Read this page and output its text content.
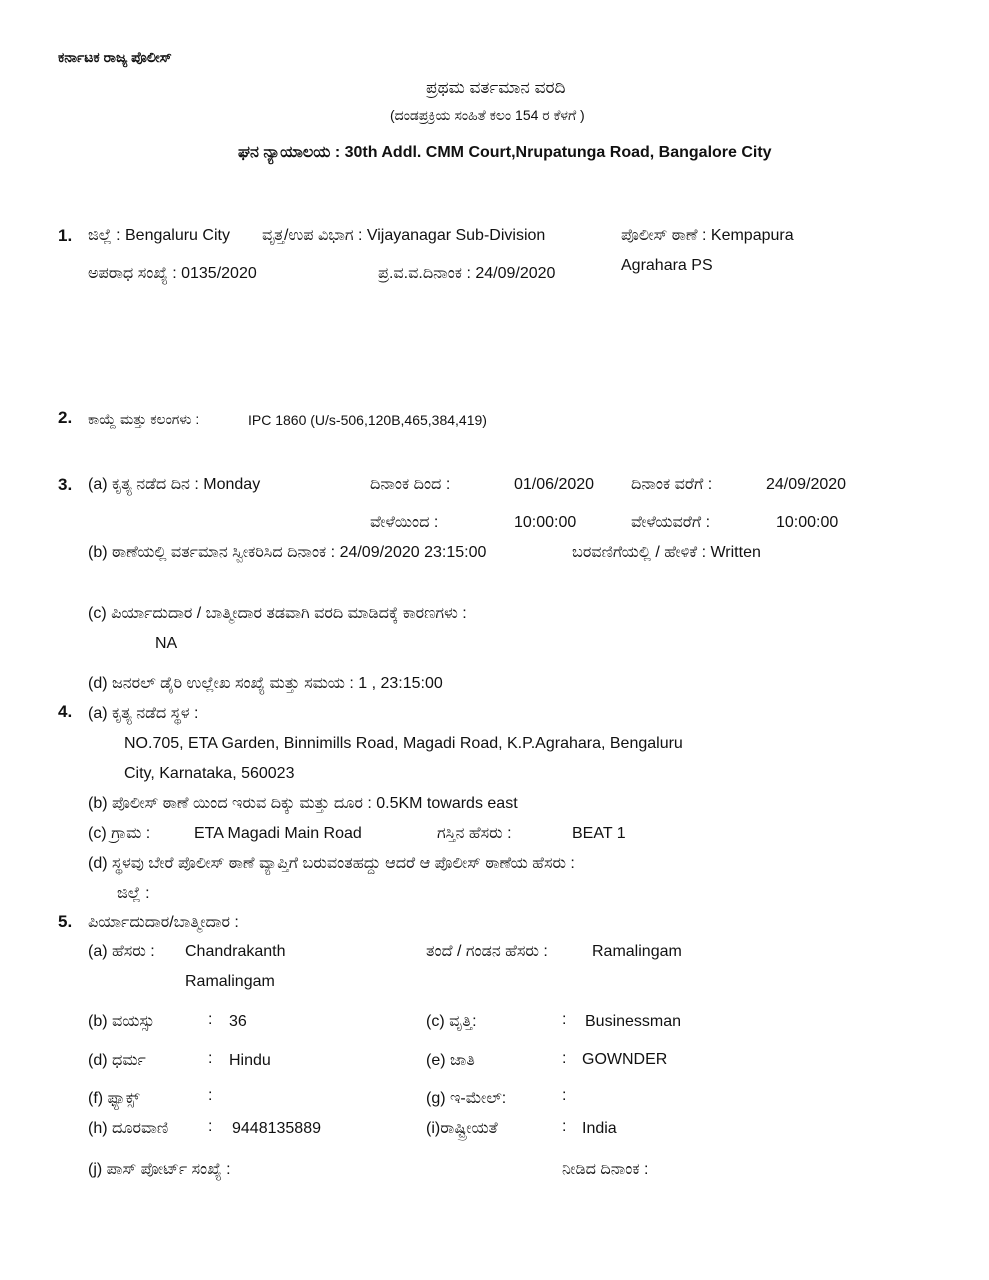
ಕರ್ನಾಟಕ ರಾಜ್ಯ ಪೊಲೀಸ್
ಪ್ರಥಮ ವರ್ತಮಾನ ವರದಿ
(ದಂಡಪ್ರಕ್ರಿಯ ಸಂಹಿತೆ ಕಲಂ 154 ರ ಕೆಳಗೆ )
ಘನ ನ್ಯಾಯಾಲಯ : 30th Addl. CMM Court,Nrupatunga Road, Bangalore City
1. ಜಿಲ್ಲೆ : Bengaluru City ವೃತ್ತ/ಉಪ ವಿಭಾಗ : Vijayanagar Sub-Division	ಪೊಲೀಸ್ ಠಾಣೆ : Kempapura
Agrahara PS
ಅಪರಾಧ ಸಂಖ್ಯೆ : 0135/2020	ಪ್ರ.ವ.ವ.ದಿನಾಂಕ : 24/09/2020
2. ಕಾಯ್ದೆ ಮತ್ತು ಕಲಂಗಳು :	IPC 1860 (U/s-506,120B,465,384,419)
3. (a) ಕೃತ್ಯ ನಡೆದ ದಿನ : Monday	ದಿನಾಂಕ ದಿಂದ :	01/06/2020 ದಿನಾಂಕ ವರೆಗೆ :	24/09/2020
ವೇಳೆಯಿಂದ :	10:00:00	ವೇಳೆಯವರೆಗೆ :	10:00:00
(b) ಠಾಣೆಯಲ್ಲಿ ವರ್ತಮಾನ ಸ್ವೀಕರಿಸಿದ ದಿನಾಂಕ : 24/09/2020 23:15:00	ಬರವಣಿಗೆಯಲ್ಲಿ / ಹೇಳಿಕೆ : Written
(c) ಪಿರ್ಯಾದುದಾರ / ಬಾತ್ಮೀದಾರ ತಡವಾಗಿ ವರದಿ ಮಾಡಿದಕ್ಕೆ ಕಾರಣಗಳು :
NA
(d) ಜನರಲ್ ಡೈರಿ ಉಲ್ಲೇಖ ಸಂಖ್ಯೆ ಮತ್ತು ಸಮಯ : 1 , 23:15:00
4. (a) ಕೃತ್ಯ ನಡೆದ ಸ್ಥಳ :
NO.705, ETA Garden, Binnimills Road, Magadi Road, K.P.Agrahara, Bengaluru
City, Karnataka, 560023
(b) ಪೊಲೀಸ್ ಠಾಣೆ ಯಿಂದ ಇರುವ ದಿಕ್ಕು ಮತ್ತು ದೂರ : 0.5KM towards east
(c) ಗ್ರಾಮ :	ETA Magadi Main Road	ಗಸ್ತಿನ ಹೆಸರು :	BEAT 1
(d) ಸ್ಥಳವು ಬೇರೆ ಪೊಲೀಸ್ ಠಾಣೆ ವ್ಯಾಪ್ತಿಗೆ ಬರುವಂತಹದ್ದು ಆದರೆ ಆ ಪೊಲೀಸ್ ಠಾಣೆಯ ಹೆಸರು :
ಜಿಲ್ಲೆ :
5. ಪಿರ್ಯಾದುದಾರ/ಬಾತ್ಮೀದಾರ :
(a) ಹೆಸರು : Chandrakanth
Ramalingam
ತಂದೆ / ಗಂಡನ ಹೆಸರು :	Ramalingam
(b) ವಯಸ್ಸು	: 36	(c) ವೃತ್ತಿ:	: Businessman
(d) ಧರ್ಮ	: Hindu	(e) ಜಾತಿ	: GOWNDER
(f) ಫ್ಯಾಕ್ಸ್	:	(g) ಇ-ಮೇಲ್:	:
(h) ದೂರವಾಣಿ : 9448135889	(i)ರಾಷ್ಟ್ರೀಯತೆ	: India
(j) ಪಾಸ್ ಪೋರ್ಟ್ ಸಂಖ್ಯೆ :	ನೀಡಿದ ದಿನಾಂಕ :
